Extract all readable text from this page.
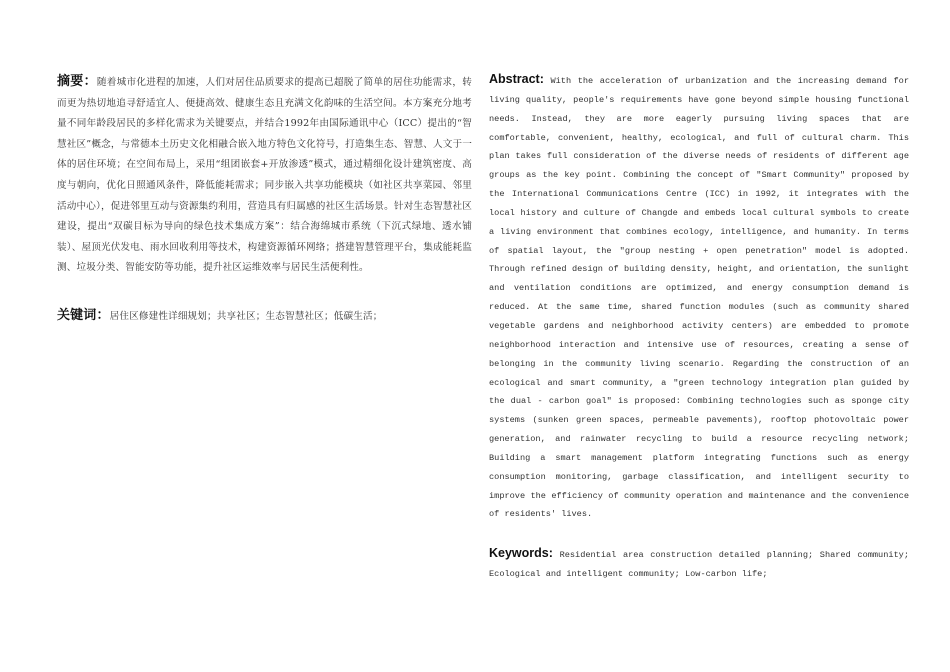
摘要：随着城市化进程的加速，人们对居住品质要求的提高已超脱了简单的居住功能需求，转而更为热切地追寻舒适宜人、便捷高效、健康生态且充满文化韵味的生活空间。本方案充分地考量不同年龄段居民的多样化需求为关键要点，并结合1992年由国际通讯中心（ICC）提出的“智慧社区”概念，与常德本土历史文化相融合嵌入地方特色文化符号，打造集生态、智慧、人文于一体的居住环境；在空间布局上，采用“组团嵌套+开放渗透”模式，通过精细化设计建筑密度、高度与朝向，优化日照通风条件，降低能耗需求；同步嵌入共享功能模块（如社区共享菜园、邻里活动中心），促进邻里互动与资源集约利用，营造具有归属感的社区生活场景。针对生态智慧社区建设，提出“双碳目标为导向的绿色技术集成方案”：结合海绵城市系统（下沉式绿地、透水铺装）、屋顶光伏发电、雨水回收利用等技术，构建资源循环网络；搭建智慧管理平台，集成能耗监测、垃圾分类、智能安防等功能，提升社区运维效率与居民生活便利性。

关键词：居住区修建性详细规划；共享社区；生态智慧社区；低碳生活；

Abstract: With the acceleration of urbanization and the increasing demand for living quality, people's requirements have gone beyond simple housing functional needs. Instead, they are more eagerly pursuing living spaces that are comfortable, convenient, healthy, ecological, and full of cultural charm. This plan takes full consideration of the diverse needs of residents of different age groups as the key point. Combining the concept of "Smart Community" proposed by the International Communications Centre (ICC) in 1992, it integrates with the local history and culture of Changde and embeds local cultural symbols to create a living environment that combines ecology, intelligence, and humanity. In terms of spatial layout, the "group nesting + open penetration" model is adopted. Through refined design of building density, height, and orientation, the sunlight and ventilation conditions are optimized, and energy consumption demand is reduced. At the same time, shared function modules (such as community shared vegetable gardens and neighborhood activity centers) are embedded to promote neighborhood interaction and intensive use of resources, creating a sense of belonging in the community living scenario. Regarding the construction of an ecological and smart community, a "green technology integration plan guided by the dual - carbon goal" is proposed: Combining technologies such as sponge city systems (sunken green spaces, permeable pavements), rooftop photovoltaic power generation, and rainwater recycling to build a resource recycling network; Building a smart management platform integrating functions such as energy consumption monitoring, garbage classification, and intelligent security to improve the efficiency of community operation and maintenance and the convenience of residents' lives.

Keywords: Residential area construction detailed planning; Shared community; Ecological and intelligent community; Low-carbon life;
